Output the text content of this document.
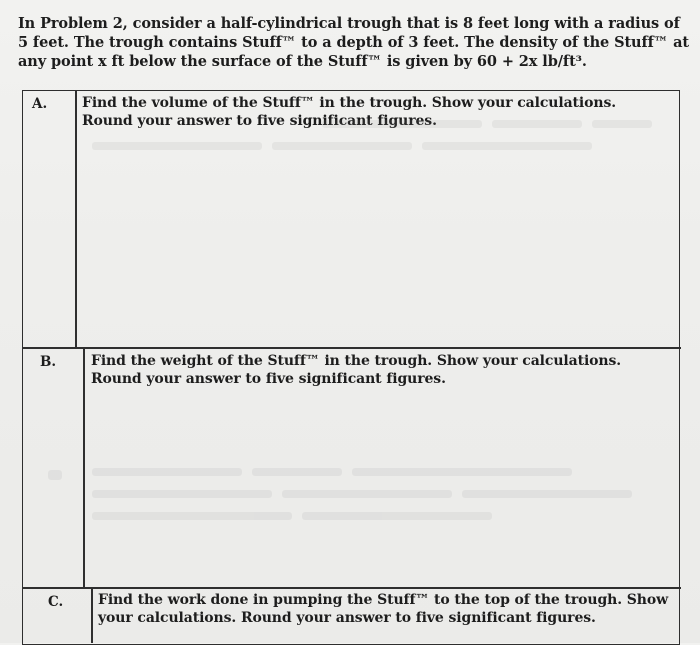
In Problem 2, consider a half-cylindrical trough that is 8 feet long with a radius of 5 feet. The trough contains Stuff™ to a depth of 3 feet. The density of the Stuff™ at any point x ft below the surface of the Stuff™ is given by 60 + 2x lb/ft³.
A. Find the volume of the Stuff™ in the trough. Show your calculations. Round your answer to five significant figures.
B. Find the weight of the Stuff™ in the trough. Show your calculations. Round your answer to five significant figures.
C. Find the work done in pumping the Stuff™ to the top of the trough. Show your calculations. Round your answer to five significant figures.
